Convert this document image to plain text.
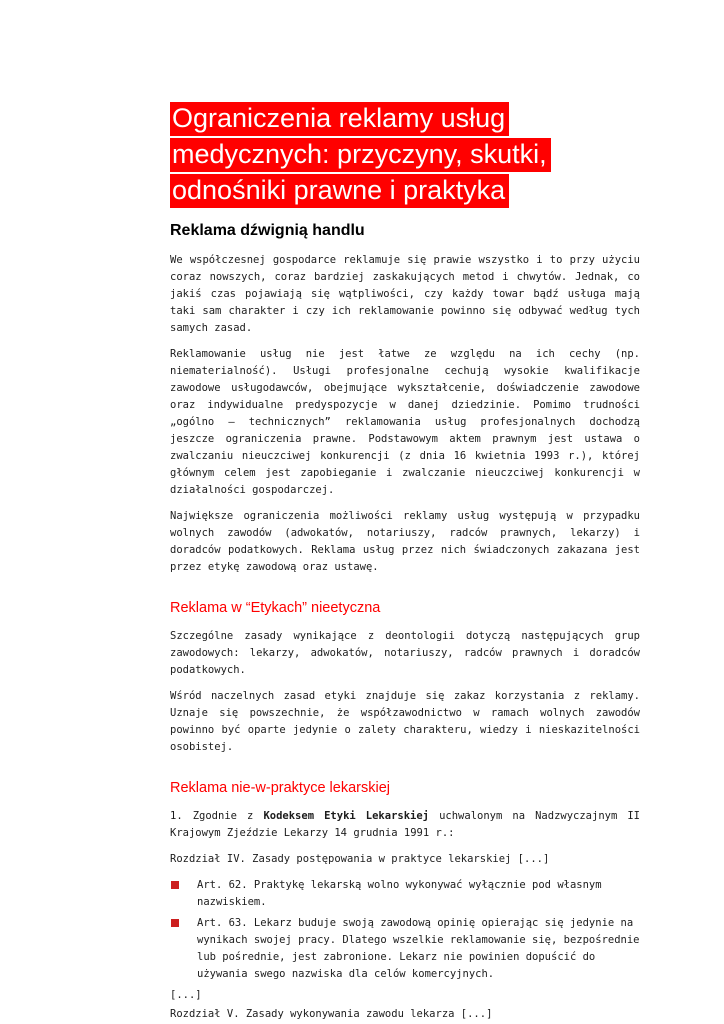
Ograniczenia reklamy usług
medycznych: przyczyny, skutki,
odnośniki prawne i praktyka
Reklama dźwignią handlu

We współczesnej gospodarce reklamuje się prawie wszystko i to przy użyciu coraz nowszych, coraz bardziej zaskakujących metod i chwytów. Jednak, co jakiś czas pojawiają się wątpliwości, czy każdy towar bądź usługa mają taki sam charakter i czy ich reklamowanie powinno się odbywać według tych samych zasad.

Reklamowanie usług nie jest łatwe ze względu na ich cechy (np. niematerialność). Usługi profesjonalne cechują wysokie kwalifikacje zawodowe usługodawców, obejmujące wykształcenie, doświadczenie zawodowe oraz indywidualne predyspozycje w danej dziedzinie. Pomimo trudności „ogólno – technicznych” reklamowania usług profesjonalnych dochodzą jeszcze ograniczenia prawne. Podstawowym aktem prawnym jest ustawa o zwalczaniu nieuczciwej konkurencji (z dnia 16 kwietnia 1993 r.), której głównym celem jest zapobieganie i zwalczanie nieuczciwej konkurencji w działalności gospodarczej.

Największe ograniczenia możliwości reklamy usług występują w przypadku wolnych zawodów (adwokatów, notariuszy, radców prawnych, lekarzy) i doradców podatkowych. Reklama usług przez nich świadczonych zakazana jest przez etykę zawodową oraz ustawę.

Reklama w “Etykach” nieetyczna

Szczególne zasady wynikające z deontologii dotyczą następujących grup zawodowych: lekarzy, adwokatów, notariuszy, radców prawnych i doradców podatkowych.

Wśród naczelnych zasad etyki znajduje się zakaz korzystania z reklamy. Uznaje się powszechnie, że współzawodnictwo w ramach wolnych zawodów powinno być oparte jedynie o zalety charakteru, wiedzy i nieskazitelności osobistej.

Reklama nie-w-praktyce lekarskiej

1. Zgodnie z Kodeksem Etyki Lekarskiej uchwalonym na Nadzwyczajnym II Krajowym Zjeździe Lekarzy 14 grudnia 1991 r.:

Rozdział IV. Zasady postępowania w praktyce lekarskiej [...]

Art. 62. Praktykę lekarską wolno wykonywać wyłącznie pod własnym nazwiskiem.
Art. 63. Lekarz buduje swoją zawodową opinię opierając się jedynie na wynikach swojej pracy. Dlatego wszelkie reklamowanie się, bezpośrednie lub pośrednie, jest zabronione. Lekarz nie powinien dopuścić do używania swego nazwiska dla celów komercyjnych.

[...]

Rozdział V. Zasady wykonywania zawodu lekarza [...]
